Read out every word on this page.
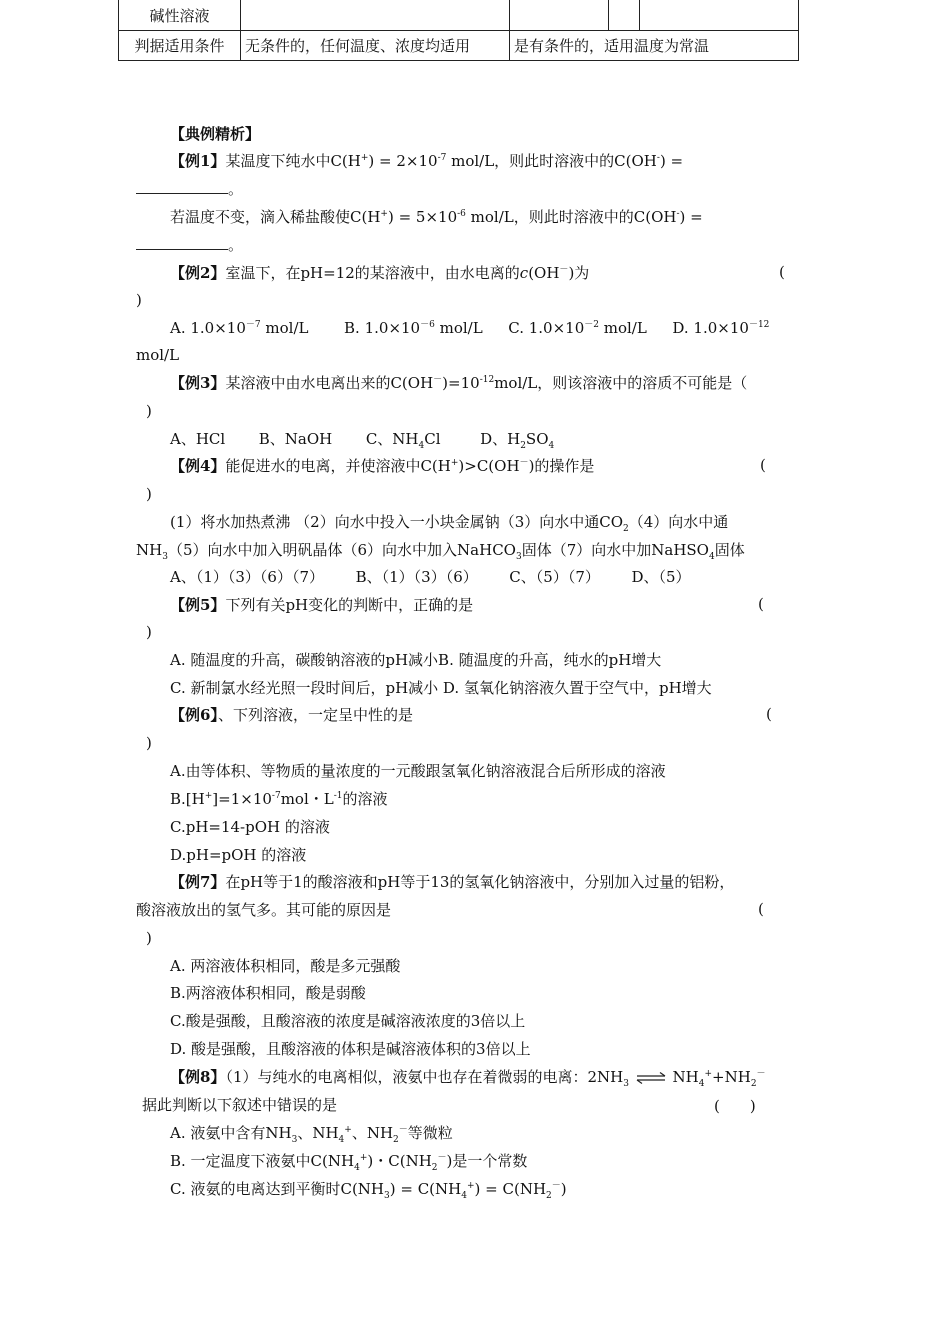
碱性溶液				
判据适用条件	无条件的，任何温度、浓度均适用	是有条件的，适用温度为常温		
【典例精析】
【例1】某温度下纯水中$C(H^+) = 2\times 10^{-7}$ mol/L，则此时溶液中的C(OH-) =
。
若温度不变，滴入稀盐酸使$C(H^+) = 5\times 10^{-6}$ mol/L，则此时溶液中的C(OH-) =
。
【例2】室温下，在pH=12的某溶液中，由水电离的c(OH－)为	(
)
A. $1.0\times 10^{-7}$ mol/L B. $1.0\times 10^{-6}$ mol/L C. $1.0\times 10^{-2}$ mol/L D. $1.0\times 10^{-12}$
mol/L
【例3】某溶液中由水电离出来的$C(OH^-)=10^{-12}mol/L$，则该溶液中的溶质不可能是（
)
A、HCl B、NaOH C、$NH_4Cl$	D、$H_2SO_4$
【例4】能促进水的电离，并使溶液中C(H+)>C(OH－)的操作是	(
)
(1）将水加热煮沸 （2）向水中投入一小块金属钠（3）向水中通$CO_2(4)$向水中通
$NH_3(5)$向水中加入明矾晶体（6）向水中加入NaHCO$_3$固体（7）向水中加NaHSO$_4$固体
A、（1）（3）（6）（7） B、（1）（3）（6） C、（5）（7） D、（5）
【例5】下列有关pH变化的判断中，正确的是	(
)
A. 随温度的升高，碳酸钠溶液的pH减小B. 随温度的升高，纯水的pH增大
C. 新制氯水经光照一段时间后，pH减小 D. 氢氧化钠溶液久置于空气中，pH增大
【例6】、下列溶液，一定呈中性的是	(
)
A.由等体积、等物质的量浓度的一元酸跟氢氧化钠溶液混合后所形成的溶液
$B.[H^+]=1\times 10^{-7}mol$・$L^{-1}$的溶液
C.pH=14-pOH 的溶液
D.pH=pOH 的溶液
【例7】在pH等于1的酸溶液和pH等于13的氢氧化钠溶液中，分别加入过量的铝粉，
酸溶液放出的氢气多。其可能的原因是	(
)
A. 两溶液体积相同，酸是多元强酸
B.两溶液体积相同，酸是弱酸
C.酸是强酸，且酸溶液的浓度是碱溶液浓度的3倍以上
D. 酸是强酸，且酸溶液的体积是碱溶液体积的3倍以上
【例8】（1）与纯水的电离相似，液氨中也存在着微弱的电离：$2NH_3$ ⇌ $NH_4^++NH_2^-$
据此判断以下叙述中错误的是	(　　)
A. 液氨中含有$NH_3$、$NH_4^+$、$NH_2^-$等微粒
B. 一定温度下液氨中$C(NH_4^+)$・$C(NH_2^-)$是一个常数
C. 液氨的电离达到平衡时$C(NH_3) = C(NH_4^+) = C(NH_2^-)$
